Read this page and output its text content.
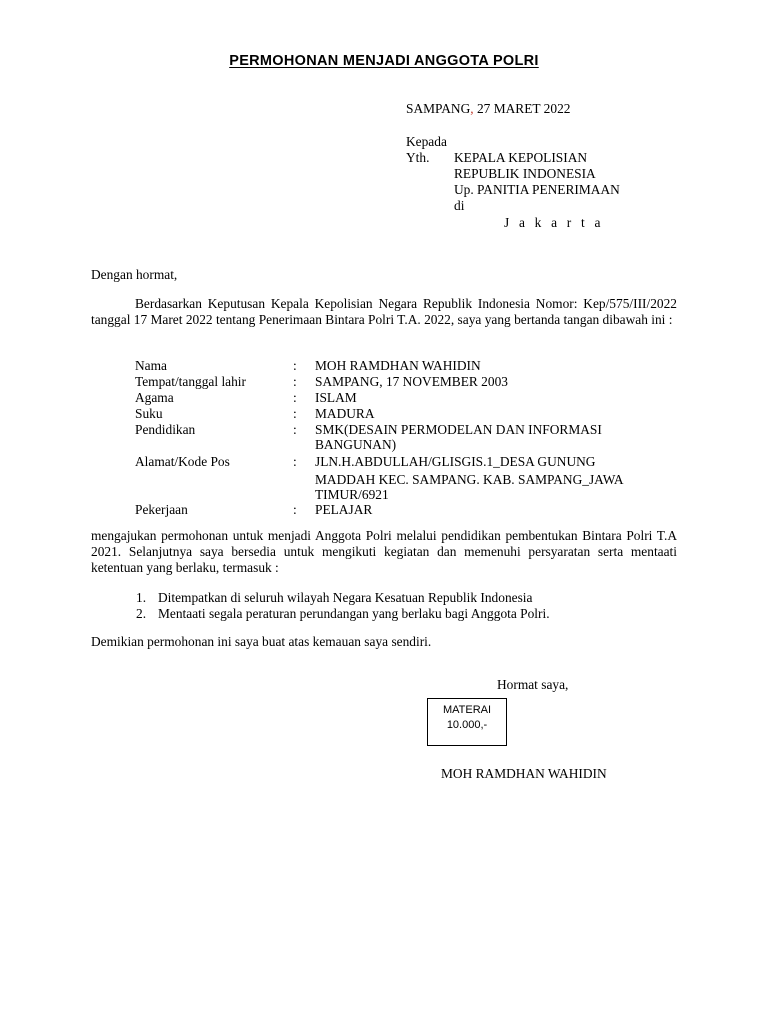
PERMOHONAN MENJADI ANGGOTA POLRI
SAMPANG, 27 MARET 2022
Kepada
Yth. KEPALA KEPOLISIAN
REPUBLIK INDONESIA
Up. PANITIA PENERIMAAN
di
J a k a r t a
Dengan hormat,
Berdasarkan Keputusan Kepala Kepolisian Negara Republik Indonesia Nomor: Kep/575/III/2022 tanggal 17 Maret 2022 tentang Penerimaan Bintara Polri T.A. 2022, saya yang bertanda tangan dibawah ini :
Nama	:	MOH RAMDHAN WAHIDIN
Tempat/tanggal lahir	:	SAMPANG, 17 NOVEMBER 2003
Agama	:	ISLAM
Suku	:	MADURA
Pendidikan	:	SMK(DESAIN PERMODELAN DAN INFORMASI
BANGUNAN)

Alamat/Kode Pos	:	JLN.H.ABDULLAH/GLISGIS.1_DESA GUNUNG
MADDAH KEC. SAMPANG. KAB. SAMPANG_JAWA
TIMUR/6921

Pekerjaan	:	PELAJAR
mengajukan permohonan untuk menjadi Anggota Polri melalui pendidikan pembentukan Bintara Polri T.A 2021. Selanjutnya saya bersedia untuk mengikuti kegiatan dan memenuhi persyaratan serta mentaati ketentuan yang berlaku, termasuk :
1. Ditempatkan di seluruh wilayah Negara Kesatuan Republik Indonesia
2. Mentaati segala peraturan perundangan yang berlaku bagi Anggota Polri.
Demikian permohonan ini saya buat atas kemauan saya sendiri.
Hormat saya,
MATERAI
10.000,-
MOH RAMDHAN WAHIDIN
